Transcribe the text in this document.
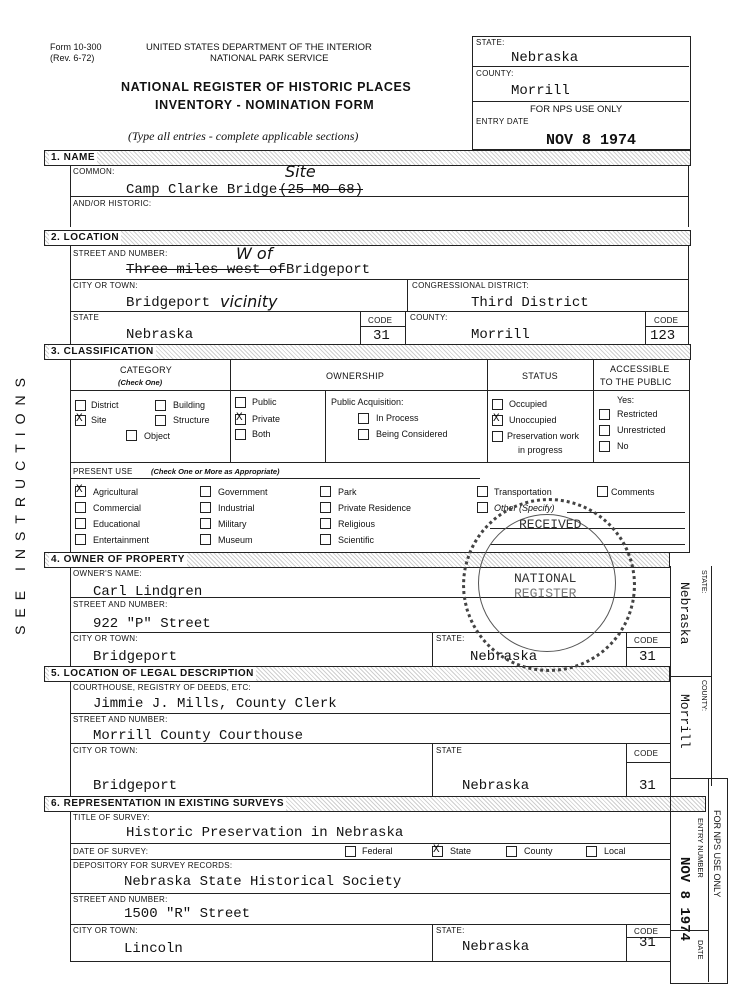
Form 10-300
(Rev. 6-72)
UNITED STATES DEPARTMENT OF THE INTERIOR
NATIONAL PARK SERVICE
NATIONAL REGISTER OF HISTORIC PLACES
INVENTORY - NOMINATION FORM
(Type all entries - complete applicable sections)
STATE:
Nebraska
COUNTY:
Morrill
FOR NPS USE ONLY
ENTRY DATE
NOV 8 1974
SEE INSTRUCTIONS
1. NAME
COMMON:
Camp Clarke Bridge (25 MO 68)
Site
AND/OR HISTORIC:
2. LOCATION
STREET AND NUMBER:	W of
Three miles west of Bridgeport
CITY OR TOWN:
Bridgeport vicinity
CONGRESSIONAL DISTRICT:
Third District
STATE
Nebraska
CODE
31
COUNTY:
Morrill
CODE
123
3. CLASSIFICATION
CATEGORY
(Check One)
OWNERSHIP	STATUS
ACCESSIBLE
TO THE PUBLIC
District	Building
X
Site	Structure
Object
Public
X
Private
Both
Public Acquisition:
In Process
Being Considered
Occupied
X
Unoccupied
Preservation work
in progress
Yes:
Restricted
Unrestricted
No
PRESENT USE (Check One or More as Appropriate)
X
Agricultural
Commercial
Educational
Entertainment
Government
Industrial
Military
Museum
Park
Private Residence
Religious
Scientific
Transportation
Other (Specify)
Comments
4. OWNER OF PROPERTY
OWNER'S NAME:
Carl Lindgren
STREET AND NUMBER:
922 "P" Street
CITY OR TOWN:
Bridgeport
STATE:
Nebraska
CODE
31
5. LOCATION OF LEGAL DESCRIPTION
COURTHOUSE, REGISTRY OF DEEDS, ETC:
Jimmie J. Mills, County Clerk
STREET AND NUMBER:
Morrill County Courthouse
CITY OR TOWN:
Bridgeport
STATE
Nebraska
CODE
31
6. REPRESENTATION IN EXISTING SURVEYS
TITLE OF SURVEY:
Historic Preservation in Nebraska
DATE OF SURVEY:	Federal
X	State	County	Local
DEPOSITORY FOR SURVEY RECORDS:
Nebraska State Historical Society
STREET AND NUMBER:
1500 "R" Street
CITY OR TOWN:
Lincoln
STATE:
Nebraska
CODE
31
RECEIVED
NATIONAL
REGISTER
STATE:
Nebraska
COUNTY:
Morrill
FOR NPS USE ONLY
ENTRY NUMBER
NOV 8 1974
DATE
